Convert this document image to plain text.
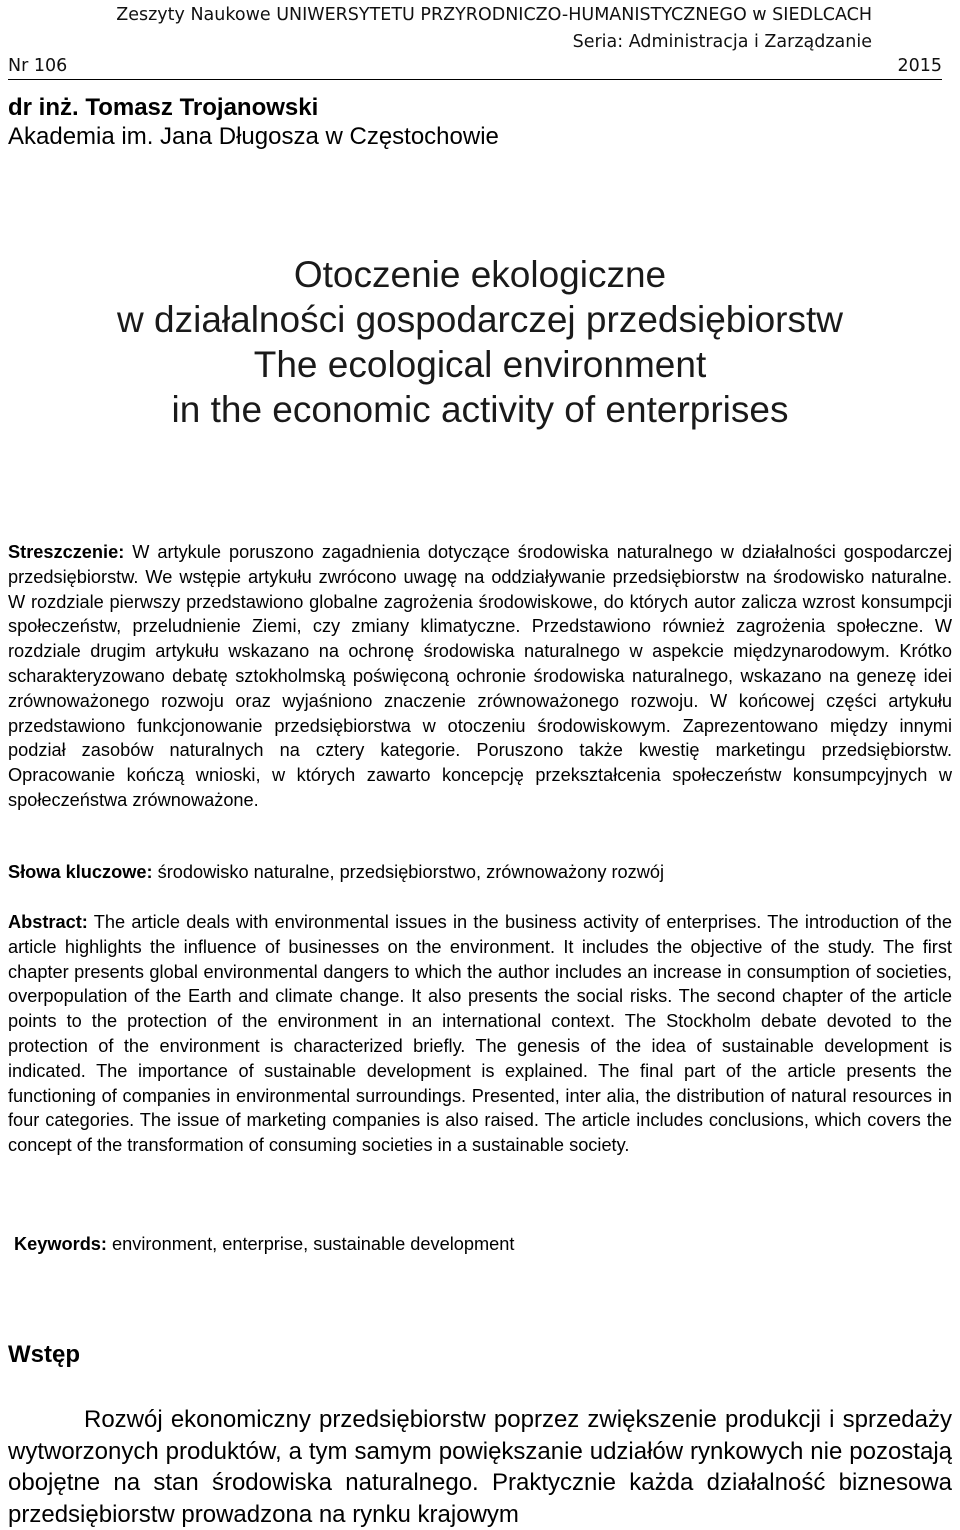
Zeszyty Naukowe UNIWERSYTETU PRZYRODNICZO-HUMANISTYCZNEGO w SIEDLCACH
Seria: Administracja i Zarządzanie
Nr 106	2015
dr inż. Tomasz Trojanowski
Akademia im. Jana Długosza w Częstochowie
Otoczenie ekologiczne
w działalności gospodarczej przedsiębiorstw
The ecological environment
in the economic activity of enterprises

Streszczenie: W artykule poruszono zagadnienia dotyczące środowiska naturalnego w działalności gospodarczej przedsiębiorstw. We wstępie artykułu zwrócono uwagę na oddziaływanie przedsiębiorstw na środowisko naturalne. W rozdziale pierwszy przedstawiono globalne zagrożenia środowiskowe, do których autor zalicza wzrost konsumpcji społeczeństw, przeludnienie Ziemi, czy zmiany klimatyczne. Przedstawiono również zagrożenia społeczne. W rozdziale drugim artykułu wskazano na ochronę środowiska naturalnego w aspekcie międzynarodowym. Krótko scharakteryzowano debatę sztokholmską poświęconą ochronie środowiska naturalnego, wskazano na genezę idei zrównoważonego rozwoju oraz wyjaśniono znaczenie zrównoważonego rozwoju. W końcowej części artykułu przedstawiono funkcjonowanie przedsiębiorstwa w otoczeniu środowiskowym. Zaprezentowano między innymi podział zasobów naturalnych na cztery kategorie. Poruszono także kwestię marketingu przedsiębiorstw. Opracowanie kończą wnioski, w których zawarto koncepcję przekształcenia społeczeństw konsumpcyjnych w społeczeństwa zrównoważone.

Słowa kluczowe: środowisko naturalne, przedsiębiorstwo, zrównoważony rozwój

Abstract: The article deals with environmental issues in the business activity of enterprises. The introduction of the article highlights the influence of businesses on the environment. It includes the objective of the study. The first chapter presents global environmental dangers to which the author includes an increase in consumption of societies, overpopulation of the Earth and climate change. It also presents the social risks. The second chapter of the article points to the protection of the environment in an international context. The Stockholm debate devoted to the protection of the environment is characterized briefly. The genesis of the idea of sustainable development is indicated. The importance of sustainable development is explained. The final part of the article presents the functioning of companies in environmental surroundings. Presented, inter alia, the distribution of natural resources in four categories. The issue of marketing companies is also raised. The article includes conclusions, which covers the concept of the transformation of consuming societies in a sustainable society.

Keywords: environment, enterprise, sustainable development

Wstęp

Rozwój ekonomiczny przedsiębiorstw poprzez zwiększenie produkcji i sprzedaży wytworzonych produktów, a tym samym powiększanie udziałów rynkowych nie pozostają obojętne na stan środowiska naturalnego. Praktycznie każda działalność biznesowa przedsiębiorstw prowadzona na rynku krajowym
